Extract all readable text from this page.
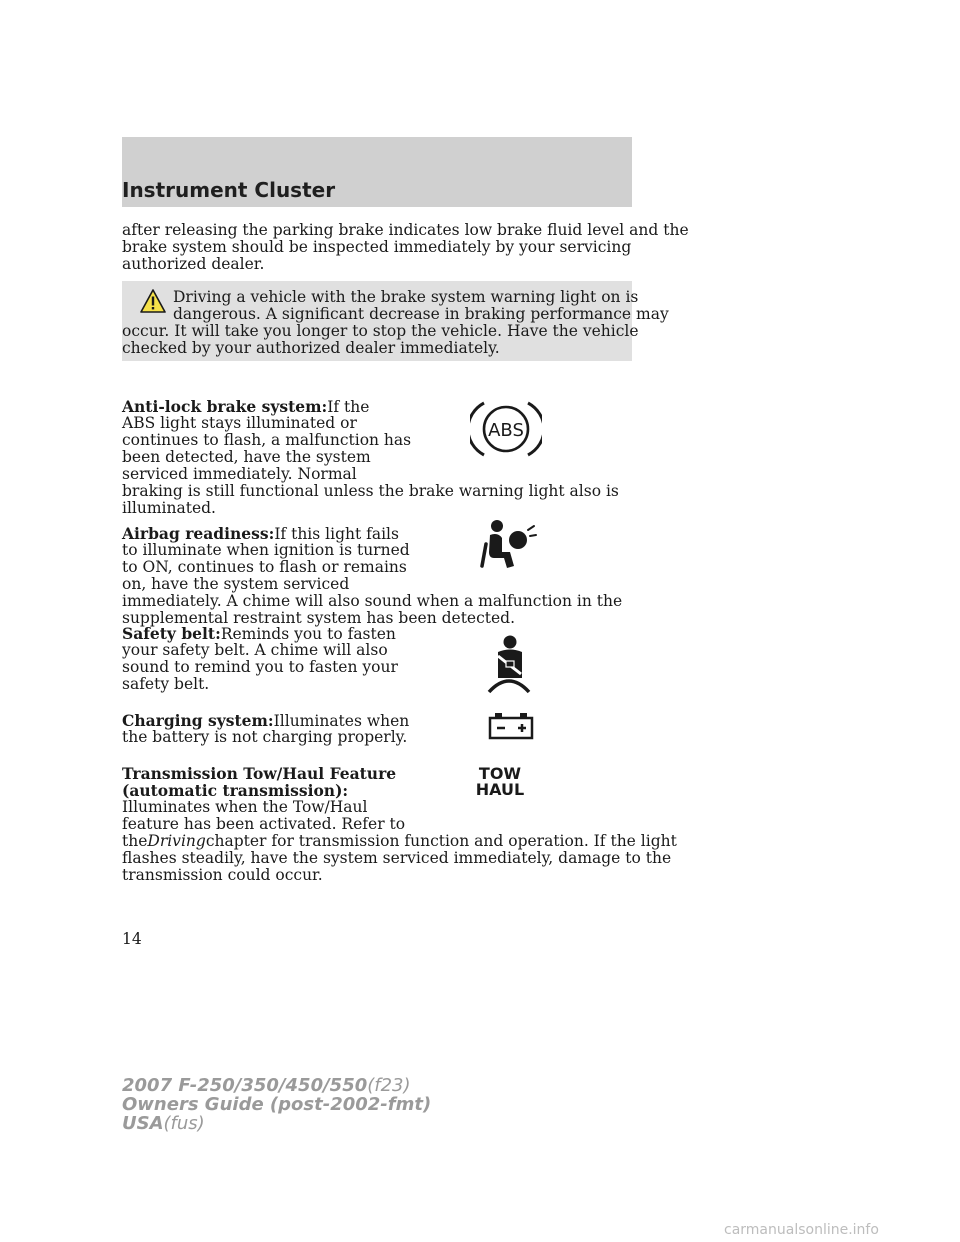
Instrument Cluster

after releasing the parking brake indicates low brake fluid level and the

brake system should be inspected immediately by your servicing

authorized dealer.

Driving a vehicle with the brake system warning light on is

dangerous. A significant decrease in braking performance may

occur. It will take you longer to stop the vehicle. Have the vehicle

checked by your authorized dealer immediately.

Anti-lock brake system:If the

ABS light stays illuminated or

continues to flash, a malfunction has

been detected, have the system

serviced immediately. Normal

braking is still functional unless the brake warning light also is

illuminated.

ABS

Airbag readiness:If this light fails

to illuminate when ignition is turned

to ON, continues to flash or remains

on, have the system serviced

immediately. A chime will also sound when a malfunction in the

supplemental restraint system has been detected.

Safety belt:Reminds you to fasten

your safety belt. A chime will also

sound to remind you to fasten your

safety belt.

Charging system:Illuminates when

the battery is not charging properly.

Transmission Tow/Haul Feature

(automatic transmission):

Illuminates when the Tow/Haul

feature has been activated. Refer to

theDrivingchapter for transmission function and operation. If the light

flashes steadily, have the system serviced immediately, damage to the

transmission could occur.

TOW
HAUL
14
2007 F-250/350/450/550(f23)
Owners Guide (post-2002-fmt)
USA(fus)
carmanualsonline.info
